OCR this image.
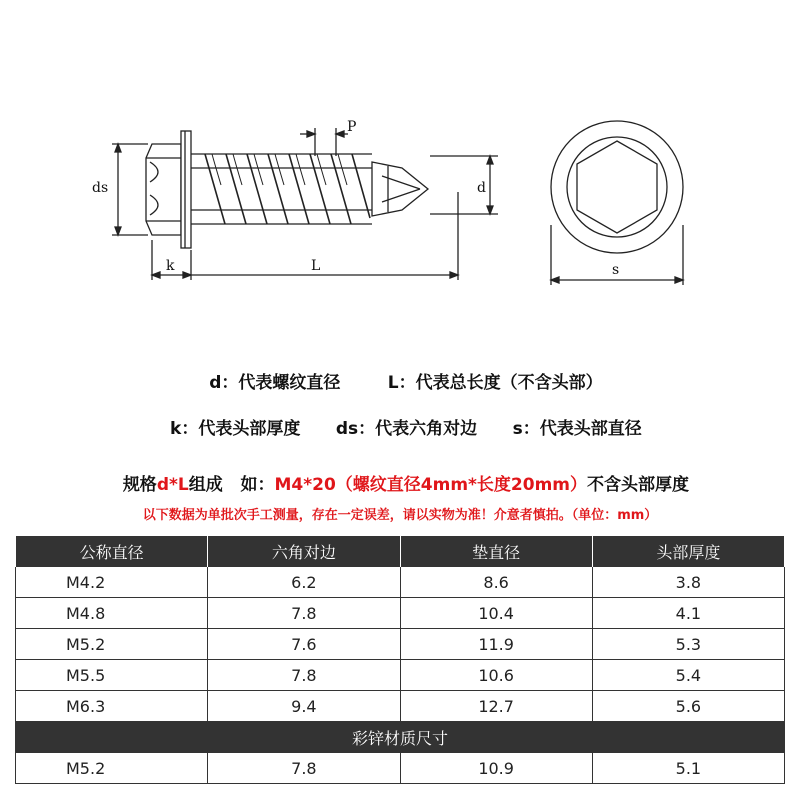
ds
k	L
P
d
s

d：代表螺纹直径	L：代表总长度（不含头部）

k：代表头部厚度 ds：代表六角对边 s：代表头部直径

规格d*L组成   如：M4*20（螺纹直径4mm*长度20mm）不含头部厚度

以下数据为单批次手工测量，存在一定误差，请以实物为准！介意者慎拍。（单位：mm）
公称直径	六角对边	垫直径	头部厚度
M4.2	6.2	8.6	3.8
M4.8	7.8	10.4	4.1
M5.2	7.6	11.9	5.3
M5.5	7.8	10.6	5.4
M6.3	9.4	12.7	5.6
彩锌材质尺寸			
M5.2	7.8	10.9	5.1
